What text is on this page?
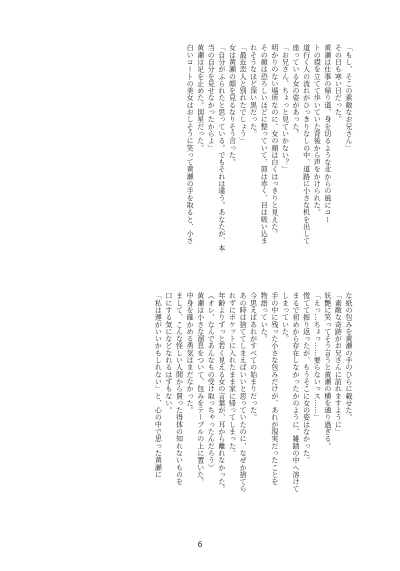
「もし、そこの素敵なお兄さん」
その日も寒い日だった。
黄瀬は仕事の帰り道、身を切るような北からの風にコー
トの襟を立てて歩いていた背後から声をかけられた。
道行く人の流れがひっきりなしの中、道路に小さな机を出して
座っている女の姿があった。
「お兄さん、ちょっと見ていかない？」
明かりのない場所なのに、女の顔は白くはっきりと見えた。
その顔は恐ろしいほどに整っていて、唇は赤く、目は吸い込ま
れそうなほど深い黒だった。
「最近恋人と別れたでしょう」
女は黄瀬の顔を見るなりそう言った。
「自分がふられたと思っている。でもそれは違う。あなたが、本
当の自分を見せなかったからよ」
黄瀬は足を止めた。図星だった。
白いコートの美女はおしそうに笑って黄瀬の手を取ると、小さ
な紙の包みを黄瀬の手のひらに載せた。
「素敵な奇跡がお兄さんに訪れますように」
妖艶に笑ってそう言うと黄瀬の横を通り過ぎる。
「えっ…ちょっ……要らないっス……」
慌てて振り返ったが、もうそこに女の姿はなかった。
まるで初めから存在しなかったかのように、雑踏の中へ溶けて
しまっていた。
手の中に残った小さな包みだけが、あれが現実だったことを
物語っていた。
今思えばあれがすべての始まりだった。
あの時は捨ててしまえばいいと思っていたのに、なぜか捨てら
れずにポケットに入れたまま家に帰ってしまった。
年齢よりずっと若く見える女の言葉が、耳から離れなかった。
（オレ、なんであんなもの受け取っちゃったんだろう）
黄瀬は小さな溜息をついて、包みをテーブルの上に置いた。
中身を確かめる勇気はまだなかった。
まして、こんな怪しい人間から買った得体の知れないものを
口にする気になどなれるはずもない。
「私は運がいいかもしれない」と、心の中で思った黄瀬に
6
